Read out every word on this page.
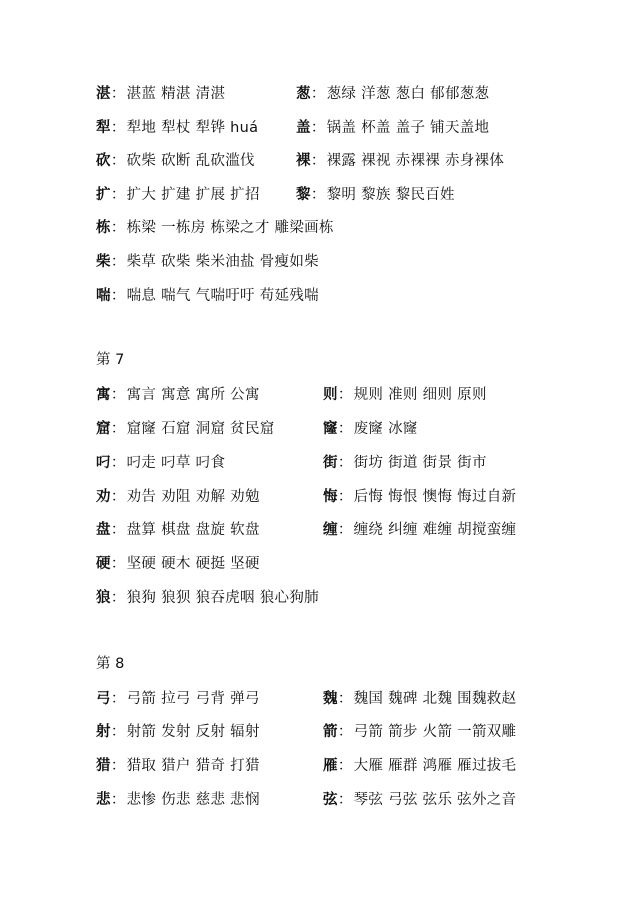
湛：湛蓝 精湛 清湛	葱：葱绿 洋葱 葱白 郁郁葱葱
犁：犁地 犁杖 犁铧 huá	盖：锅盖 杯盖 盖子 铺天盖地
砍：砍柴 砍断 乱砍滥伐	裸：裸露 裸视 赤裸裸 赤身裸体
扩：扩大 扩建 扩展 扩招 黎：黎明 黎族 黎民百姓
栋：栋梁 一栋房 栋梁之才 雕梁画栋
柴：柴草 砍柴 柴米油盐 骨瘦如柴
喘：喘息 喘气 气喘吁吁 苟延残喘
第 7
寓：寓言 寓意 寓所 公寓	则：规则 准则 细则 原则
窟：窟窿 石窟 洞窟 贫民窟	窿：废窿 冰窿
叼：叼走 叼草 叼食	街：街坊 街道 街景 街市
劝：劝告 劝阻 劝解 劝勉	悔：后悔 悔恨 懊悔 悔过自新
盘：盘算 棋盘 盘旋 软盘	缠：缠绕 纠缠 难缠 胡搅蛮缠
硬：坚硬 硬木 硬挺 坚硬
狼：狼狗 狼狈 狼吞虎咽 狼心狗肺
第 8
弓：弓箭 拉弓 弓背 弹弓	魏：魏国 魏碑 北魏 围魏救赵
射：射箭 发射 反射 辐射	箭：弓箭 箭步 火箭 一箭双雕
猎：猎取 猎户 猎奇 打猎	雁：大雁 雁群 鸿雁 雁过拔毛
悲：悲惨 伤悲 慈悲 悲悯	弦：琴弦 弓弦 弦乐 弦外之音
